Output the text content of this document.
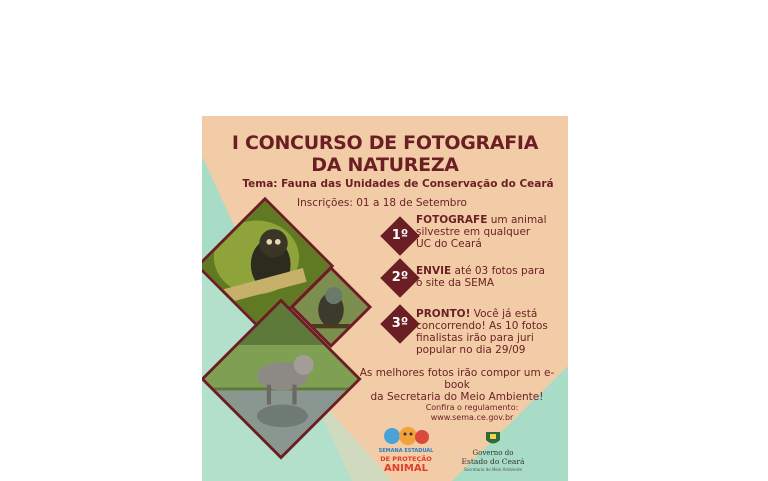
I CONCURSO DE FOTOGRAFIA
DA NATUREZA
Tema: Fauna das Unidades de Conservação do Ceará
Inscrições: 01 a 18 de Setembro
1º
FOTOGRAFE um animal
silvestre em qualquer
UC do Ceará
2º ENVIE até 03 fotos para
o site da SEMA
3º
PRONTO! Você já está
concorrendo! As 10 fotos
finalistas irão para juri
popular no dia 29/09
As melhores fotos irão compor um e-book
da Secretaria do Meio Ambiente!
Confira o regulamento:
www.sema.ce.gov.br
SEMANA ESTADUAL
DE PROTEÇÃO
ANIMAL
Governo do
Estado do Ceará
Secretaria do Meio Ambiente
